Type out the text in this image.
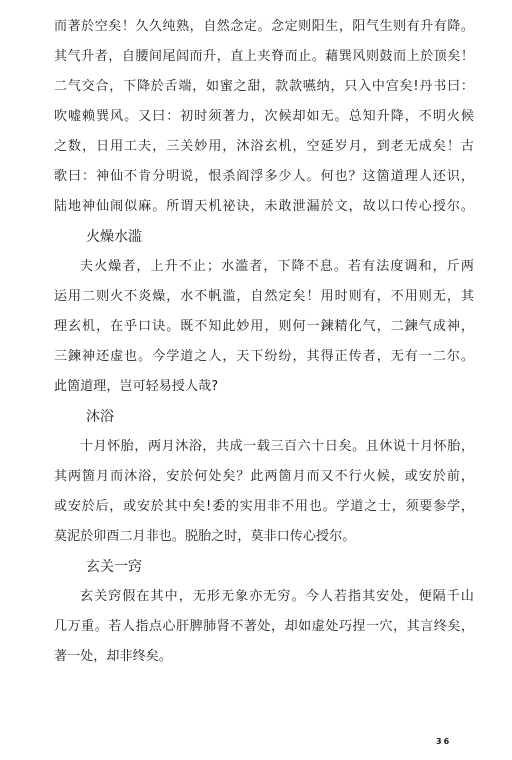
而著於空矣！久久纯熟，自然念定。念定则阳生，阳气生则有升有降。
其气升者，自腰间尾闾而升，直上夹脊而止。藉巽风则鼓而上於顶矣！
二气交合，下降於舌端，如蜜之甜，款款嚥纳，只入中宫矣!丹书曰：
吹嘘赖巽风。又曰：初时须著力，次候却如无。总知升降，不明火候
之数，日用工夫，三关妙用，沐浴玄机，空延岁月，到老无成矣！古
歌曰：神仙不肯分明说，恨杀阎浮多少人。何也？这箇道理人还识，
陆地神仙闹似麻。所谓天机祕诀，未敢泄漏於文，故以口传心授尔。
火燥水滥
夫火燥者，上升不止；水滥者，下降不息。若有法度调和，斤两
运用二则火不炎燥，水不帆滥，自然定矣！用时则有，不用则无，其
理玄机，在乎口诀。既不知此妙用，则何一鍊精化气，二鍊气成神，
三鍊神还虚也。今学道之人，天下纷纷，其得正传者，无有一二尔。
此箇道理，岂可轻易授人哉?
沐浴
十月怀胎，两月沐浴，共成一载三百六十日矣。且休说十月怀胎，
其两箇月而沐浴，安於何处矣？此两箇月而又不行火候，或安於前，
或安於后，或安於其中矣!委的实用非不用也。学道之士，须要参学，
莫泥於卯酉二月非也。脱胎之时，莫非口传心授尔。
玄关一窍
玄关窍假在其中，无形无象亦无穷。今人若指其安处，便隔千山
几万重。若人指点心肝脾肺肾不著处，却如虚处巧捏一穴，其言终矣，
著一处，却非终矣。
36
